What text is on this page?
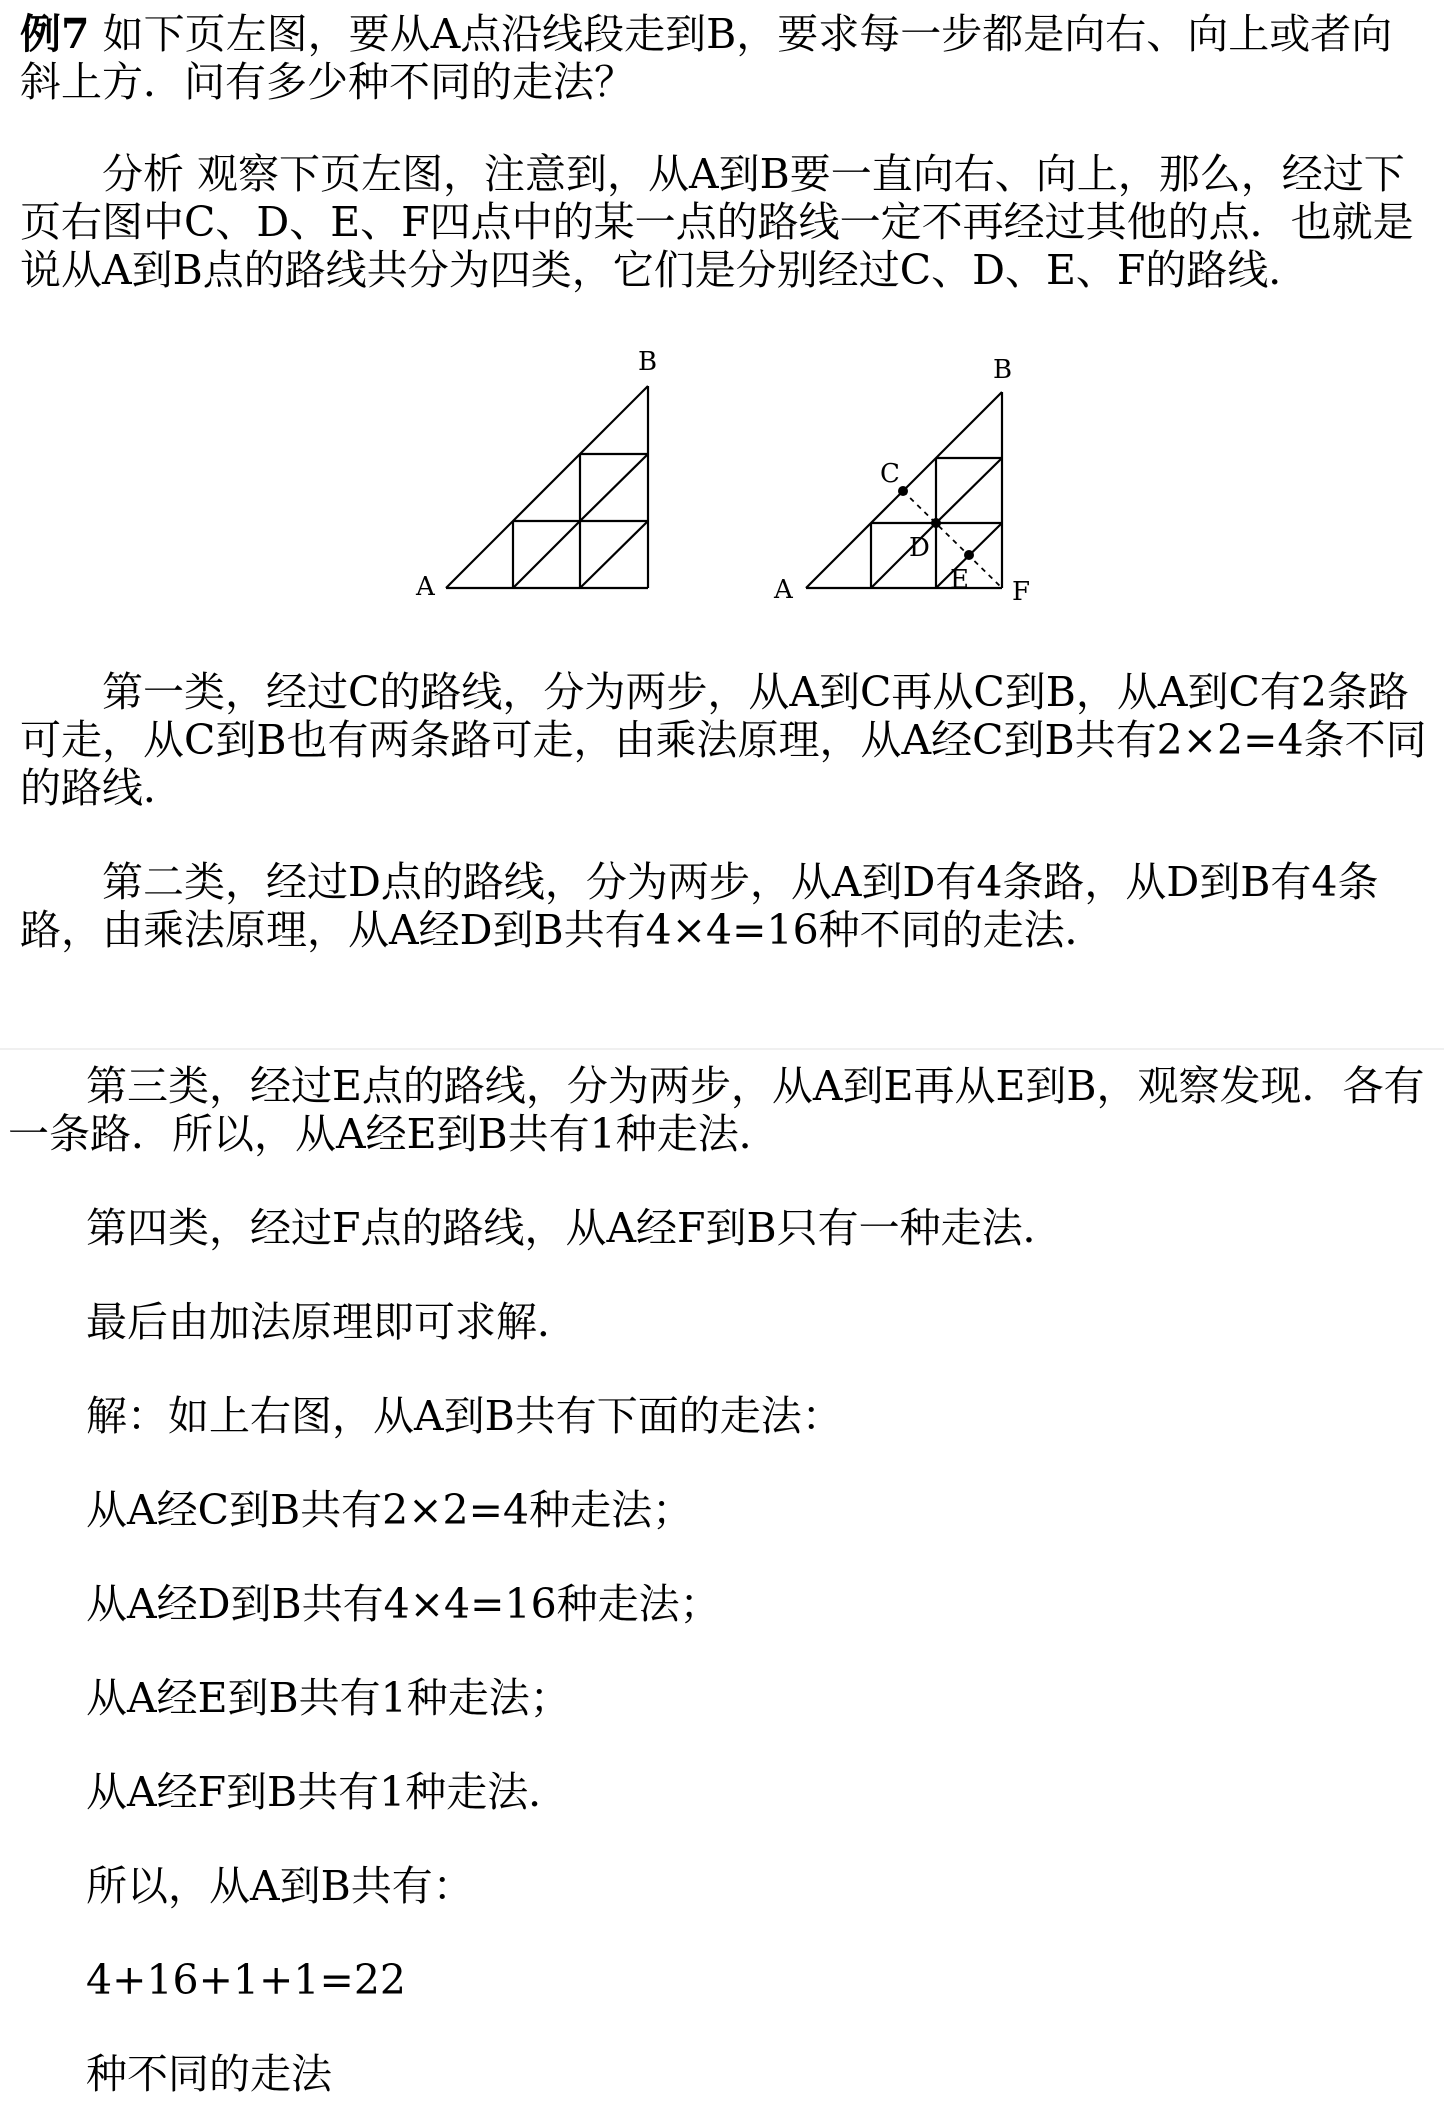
例7 如下页左图，要从A点沿线段走到B，要求每一步都是向右、向上或者向斜上方．问有多少种不同的走法？

分析 观察下页左图，注意到，从A到B要一直向右、向上，那么，经过下页右图中C、D、E、F四点中的某一点的路线一定不再经过其他的点．也就是说从A到B点的路线共分为四类，它们是分别经过C、D、E、F的路线．

A
B
A
B
C
D
E F

第一类，经过C的路线，分为两步，从A到C再从C到B，从A到C有2条路可走，从C到B也有两条路可走，由乘法原理，从A经C到B共有2×2=4条不同的路线．

第二类，经过D点的路线，分为两步，从A到D有4条路，从D到B有4条路，由乘法原理，从A经D到B共有4×4=16种不同的走法．

第三类，经过E点的路线，分为两步，从A到E再从E到B，观察发现．各有一条路．所以，从A经E到B共有1种走法．

第四类，经过F点的路线，从A经F到B只有一种走法．

最后由加法原理即可求解．

解：如上右图，从A到B共有下面的走法：

从A经C到B共有2×2=4种走法；

从A经D到B共有4×4=16种走法；

从A经E到B共有1种走法；

从A经F到B共有1种走法．

所以，从A到B共有：

4+16+1+1=22

种不同的走法
